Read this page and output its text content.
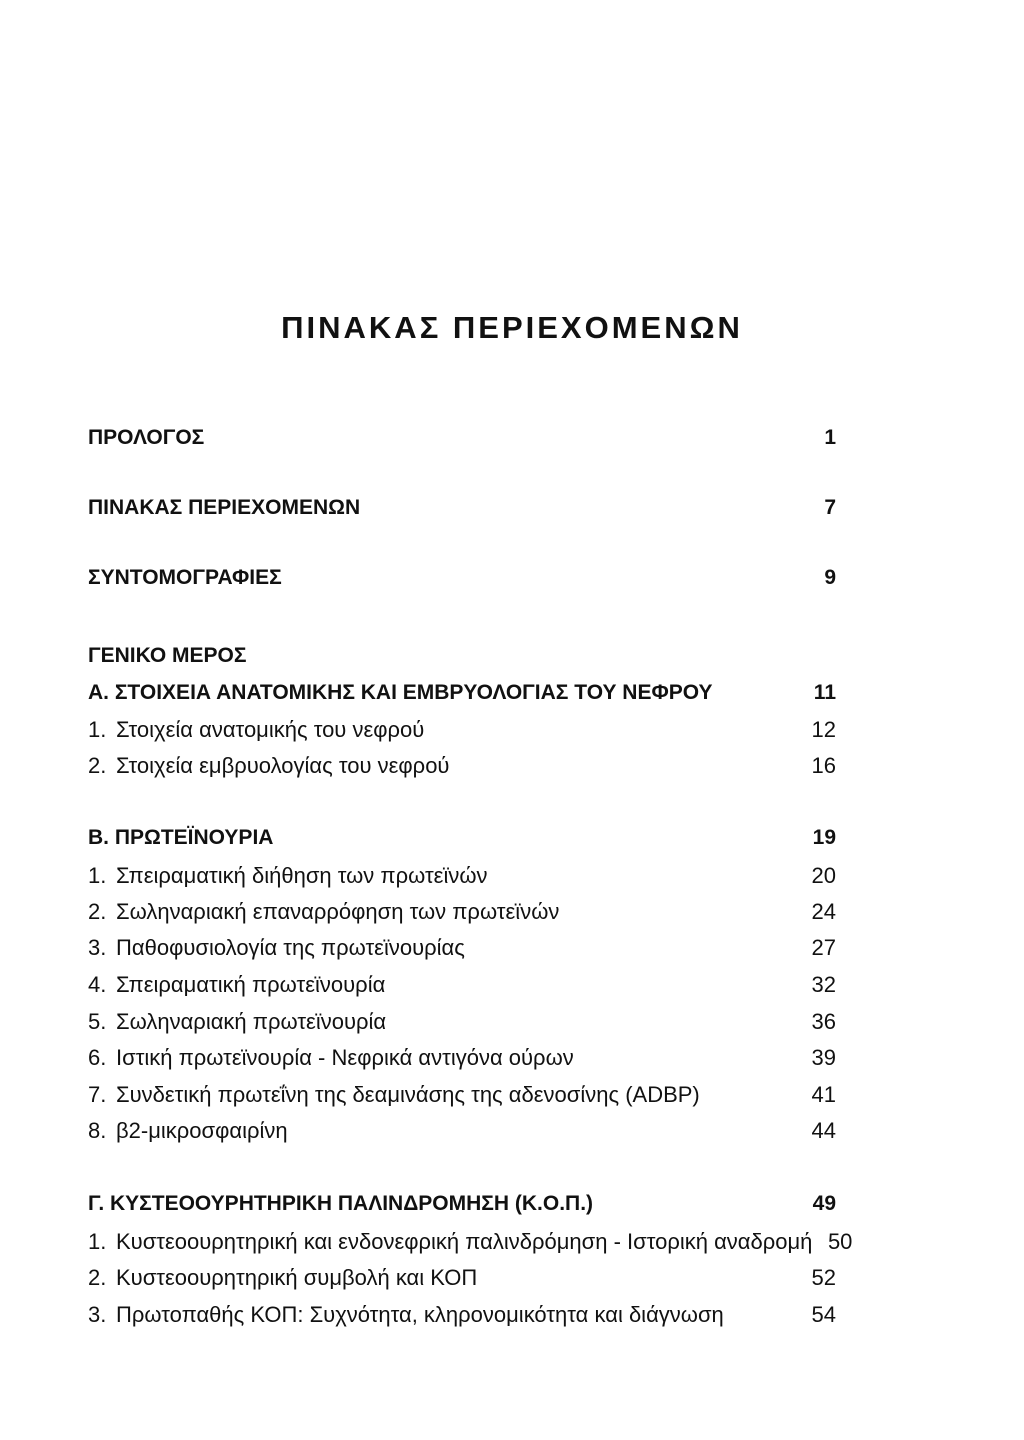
ΠΙΝΑΚΑΣ ΠΕΡΙΕΧΟΜΕΝΩΝ
ΠΡΟΛΟΓΟΣ	1
ΠΙΝΑΚΑΣ ΠΕΡΙΕΧΟΜΕΝΩΝ	7
ΣΥΝΤΟΜΟΓΡΑΦΙΕΣ	9
ΓΕΝΙΚΟ ΜΕΡΟΣ
Α. ΣΤΟΙΧΕΙΑ ΑΝΑΤΟΜΙΚΗΣ ΚΑΙ ΕΜΒΡΥΟΛΟΓΙΑΣ ΤΟΥ ΝΕΦΡΟΥ	11
1. Στοιχεία ανατομικής του νεφρού	12
2. Στοιχεία εμβρυολογίας του νεφρού	16
Β. ΠΡΩΤΕΪΝΟΥΡΙΑ	19
1. Σπειραματική διήθηση των πρωτεϊνών	20
2. Σωληναριακή επαναρρόφηση των πρωτεϊνών	24
3. Παθοφυσιολογία της πρωτεϊνουρίας	27
4. Σπειραματική πρωτεϊνουρία	32
5. Σωληναριακή πρωτεϊνουρία	36
6. Ιστική πρωτεϊνουρία - Νεφρικά αντιγόνα ούρων	39
7. Συνδετική πρωτεΐνη της δεαμινάσης της αδενοσίνης (ADBP)	41
8. β2-μικροσφαιρίνη	44
Γ. ΚΥΣΤΕΟΟΥΡΗΤΗΡΙΚΗ ΠΑΛΙΝΔΡΟΜΗΣΗ (Κ.Ο.Π.)	49
1. Κυστεοουρητηρική και ενδονεφρική παλινδρόμηση - Ιστορική αναδρομή 50
2. Κυστεοουρητηρική συμβολή και ΚΟΠ	52
3. Πρωτοπαθής ΚΟΠ: Συχνότητα, κληρονομικότητα και διάγνωση	54
